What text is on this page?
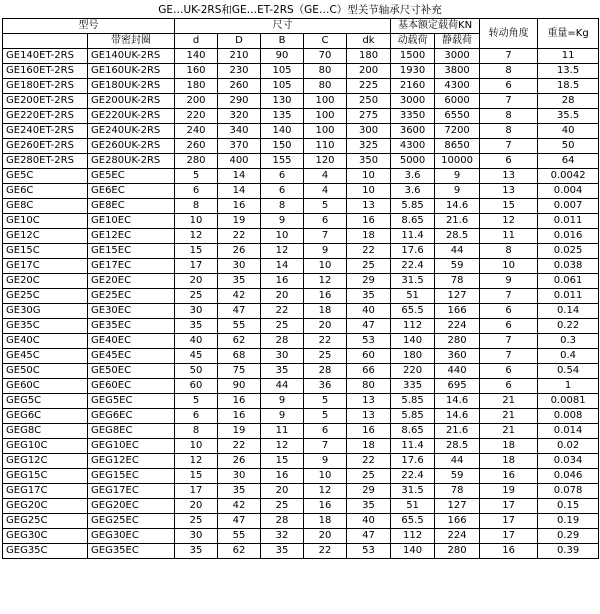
GE…UK-2RS和GE…ET-2RS（GE…C）型关节轴承尺寸补充
型号		尺寸					基本额定载荷KN		转动角度	重量=Kg
	带密封圈	d	D	B	C	dk	动载荷	静载荷		
GE140ET-2RS	GE140UK-2RS	140	210	90	70	180	1500	3000	7	11
GE160ET-2RS	GE160UK-2RS	160	230	105	80	200	1930	3800	8	13.5
GE180ET-2RS	GE180UK-2RS	180	260	105	80	225	2160	4300	6	18.5
GE200ET-2RS	GE200UK-2RS	200	290	130	100	250	3000	6000	7	28
GE220ET-2RS	GE220UK-2RS	220	320	135	100	275	3350	6550	8	35.5
GE240ET-2RS	GE240UK-2RS	240	340	140	100	300	3600	7200	8	40
GE260ET-2RS	GE260UK-2RS	260	370	150	110	325	4300	8650	7	50
GE280ET-2RS	GE280UK-2RS	280	400	155	120	350	5000	10000	6	64
GE5C	GE5EC	5	14	6	4	10	3.6	9	13	0.0042
GE6C	GE6EC	6	14	6	4	10	3.6	9	13	0.004
GE8C	GE8EC	8	16	8	5	13	5.85	14.6	15	0.007
GE10C	GE10EC	10	19	9	6	16	8.65	21.6	12	0.011
GE12C	GE12EC	12	22	10	7	18	11.4	28.5	11	0.016
GE15C	GE15EC	15	26	12	9	22	17.6	44	8	0.025
GE17C	GE17EC	17	30	14	10	25	22.4	59	10	0.038
GE20C	GE20EC	20	35	16	12	29	31.5	78	9	0.061
GE25C	GE25EC	25	42	20	16	35	51	127	7	0.011
GE30G	GE30EC	30	47	22	18	40	65.5	166	6	0.14
GE35C	GE35EC	35	55	25	20	47	112	224	6	0.22
GE40C	GE40EC	40	62	28	22	53	140	280	7	0.3
GE45C	GE45EC	45	68	30	25	60	180	360	7	0.4
GE50C	GE50EC	50	75	35	28	66	220	440	6	0.54
GE60C	GE60EC	60	90	44	36	80	335	695	6	1
GEG5C	GEG5EC	5	16	9	5	13	5.85	14.6	21	0.0081
GEG6C	GEG6EC	6	16	9	5	13	5.85	14.6	21	0.008
GEG8C	GEG8EC	8	19	11	6	16	8.65	21.6	21	0.014
GEG10C	GEG10EC	10	22	12	7	18	11.4	28.5	18	0.02
GEG12C	GEG12EC	12	26	15	9	22	17.6	44	18	0.034
GEG15C	GEG15EC	15	30	16	10	25	22.4	59	16	0.046
GEG17C	GEG17EC	17	35	20	12	29	31.5	78	19	0.078
GEG20C	GEG20EC	20	42	25	16	35	51	127	17	0.15
GEG25C	GEG25EC	25	47	28	18	40	65.5	166	17	0.19
GEG30C	GEG30EC	30	55	32	20	47	112	224	17	0.29
GEG35C	GEG35EC	35	62	35	22	53	140	280	16	0.39
